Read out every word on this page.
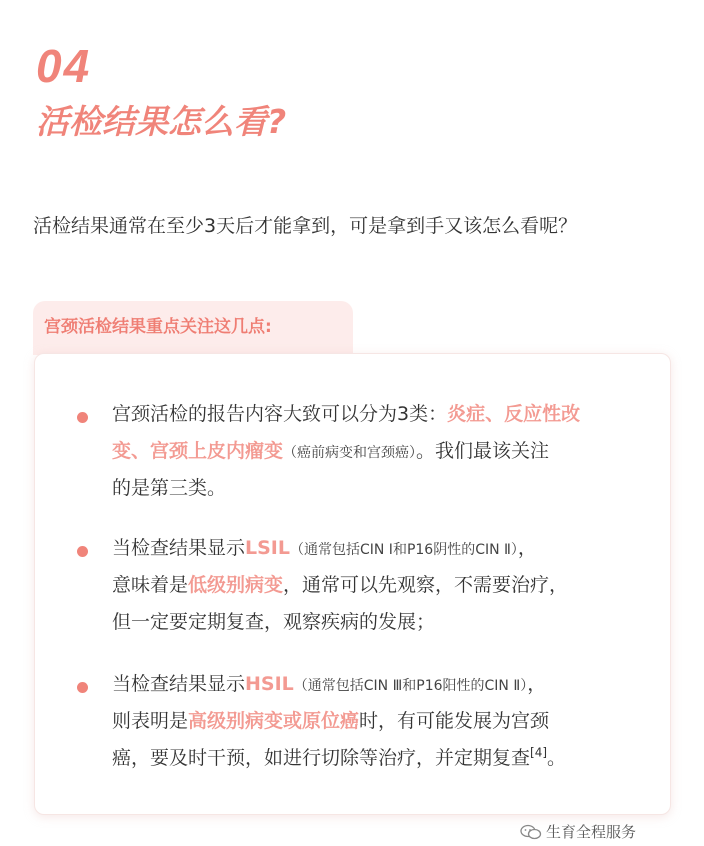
04
活检结果怎么看?
活检结果通常在至少3天后才能拿到，可是拿到手又该怎么看呢？
宫颈活检结果重点关注这几点:
宫颈活检的报告内容大致可以分为3类：炎症、反应性改
变、宫颈上皮内瘤变（癌前病变和宫颈癌）。我们最该关注
的是第三类。
当检查结果显示LSIL（通常包括CIN Ⅰ和P16阴性的CIN Ⅱ），
意味着是低级别病变，通常可以先观察，不需要治疗，
但一定要定期复查，观察疾病的发展；
当检查结果显示HSIL（通常包括CIN Ⅲ和P16阳性的CIN Ⅱ），
则表明是高级别病变或原位癌时，有可能发展为宫颈
癌，要及时干预，如进行切除等治疗，并定期复查[4]。
生育全程服务
